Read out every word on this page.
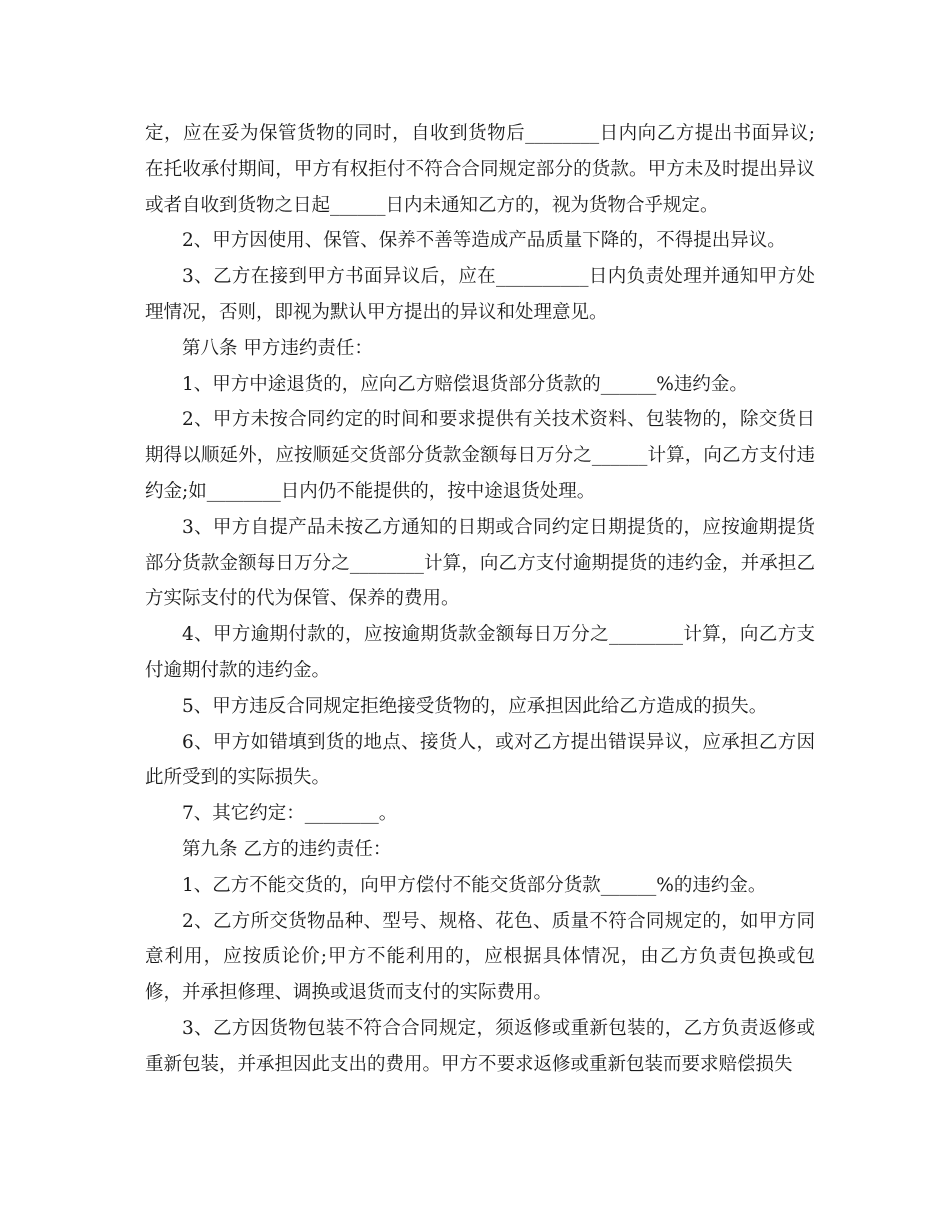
定，应在妥为保管货物的同时，自收到货物后________日内向乙方提出书面异议;在托收承付期间，甲方有权拒付不符合合同规定部分的货款。甲方未及时提出异议或者自收到货物之日起______日内未通知乙方的，视为货物合乎规定。

2、甲方因使用、保管、保养不善等造成产品质量下降的，不得提出异议。

3、乙方在接到甲方书面异议后，应在__________日内负责处理并通知甲方处理情况，否则，即视为默认甲方提出的异议和处理意见。

第八条 甲方违约责任：

1、甲方中途退货的，应向乙方赔偿退货部分货款的______%违约金。

2、甲方未按合同约定的时间和要求提供有关技术资料、包装物的，除交货日期得以顺延外，应按顺延交货部分货款金额每日万分之______计算，向乙方支付违约金;如________日内仍不能提供的，按中途退货处理。

3、甲方自提产品未按乙方通知的日期或合同约定日期提货的，应按逾期提货部分货款金额每日万分之________计算，向乙方支付逾期提货的违约金，并承担乙方实际支付的代为保管、保养的费用。

4、甲方逾期付款的，应按逾期货款金额每日万分之________计算，向乙方支付逾期付款的违约金。

5、甲方违反合同规定拒绝接受货物的，应承担因此给乙方造成的损失。

6、甲方如错填到货的地点、接货人，或对乙方提出错误异议，应承担乙方因此所受到的实际损失。

7、其它约定：________。

第九条 乙方的违约责任：

1、乙方不能交货的，向甲方偿付不能交货部分货款______%的违约金。

2、乙方所交货物品种、型号、规格、花色、质量不符合同规定的，如甲方同意利用，应按质论价;甲方不能利用的，应根据具体情况，由乙方负责包换或包修，并承担修理、调换或退货而支付的实际费用。

3、乙方因货物包装不符合合同规定，须返修或重新包装的，乙方负责返修或重新包装，并承担因此支出的费用。甲方不要求返修或重新包装而要求赔偿损失
